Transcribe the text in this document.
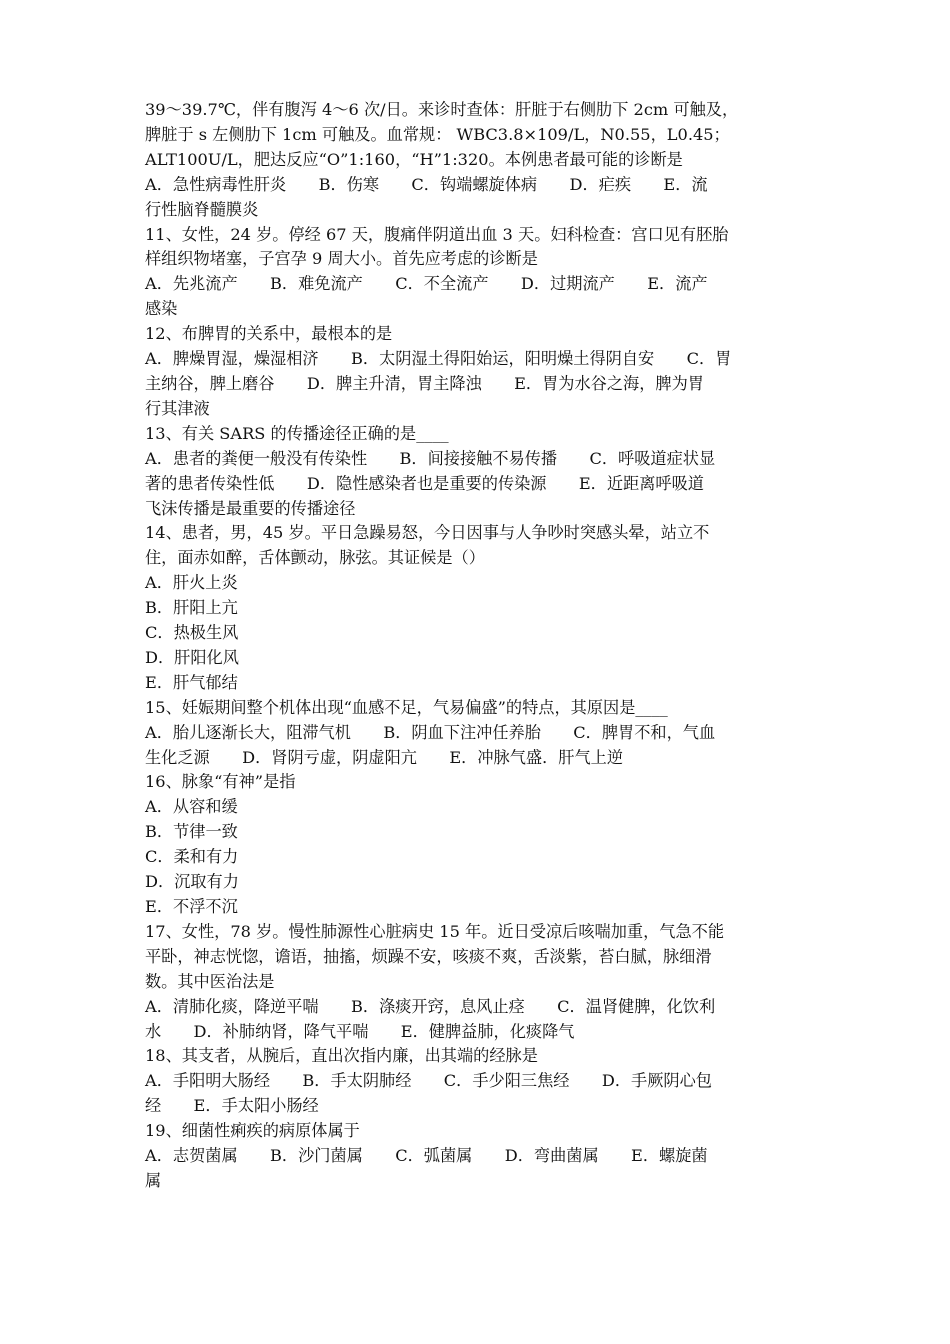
39～39.7℃，伴有腹泻 4～6 次/日。来诊时查体：肝脏于右侧肋下 2cm 可触及，
脾脏于 s 左侧肋下 1cm 可触及。血常规： WBC3.8×109/L，N0.55，L0.45；
ALT100U/L，肥达反应“O”1:160，“H”1:320。本例患者最可能的诊断是
A．急性病毒性肝炎　　B．伤寒　　C．钩端螺旋体病　　D．疟疾　　E．流
行性脑脊髓膜炎
11、女性，24 岁。停经 67 天，腹痛伴阴道出血 3 天。妇科检查：宫口见有胚胎
样组织物堵塞，子宫孕 9 周大小。首先应考虑的诊断是
A．先兆流产　　B．难免流产　　C．不全流产　　D．过期流产　　E．流产
感染
12、布脾胃的关系中，最根本的是
A．脾燥胃湿，燥湿相济　　B．太阴湿土得阳始运，阳明燥土得阴自安　　C．胃
主纳谷，脾上磨谷　　D．脾主升清，胃主降浊　　E．胃为水谷之海，脾为胃
行其津液
13、有关 SARS 的传播途径正确的是____
A．患者的粪便一般没有传染性　　B．间接接触不易传播　　C．呼吸道症状显
著的患者传染性低　　D．隐性感染者也是重要的传染源　　E．近距离呼吸道
飞沫传播是最重要的传播途径
14、患者，男，45 岁。平日急躁易怒，今日因事与人争吵时突感头晕，站立不
住，面赤如醉，舌体颤动，脉弦。其证候是（）
A．肝火上炎
B．肝阳上亢
C．热极生风
D．肝阳化风
E．肝气郁结
15、妊娠期间整个机体出现“血感不足，气易偏盛”的特点，其原因是____
A．胎儿逐渐长大，阻滞气机　　B．阴血下注冲任养胎　　C．脾胃不和，气血
生化乏源　　D．肾阴亏虚，阴虚阳亢　　E．冲脉气盛．肝气上逆
16、脉象“有神”是指
A．从容和缓
B．节律一致
C．柔和有力
D．沉取有力
E．不浮不沉
17、女性，78 岁。慢性肺源性心脏病史 15 年。近日受凉后咳喘加重，气急不能
平卧，神志恍惚，谵语，抽搐，烦躁不安，咳痰不爽，舌淡紫，苔白腻，脉细滑
数。其中医治法是
A．清肺化痰，降逆平喘　　B．涤痰开窍，息风止痉　　C．温肾健脾，化饮利
水　　D．补肺纳肾，降气平喘　　E．健脾益肺，化痰降气
18、其支者，从腕后，直出次指内廉，出其端的经脉是
A．手阳明大肠经　　B．手太阴肺经　　C．手少阳三焦经　　D．手厥阴心包
经　　E．手太阳小肠经
19、细菌性痢疾的病原体属于
A．志贺菌属　　B．沙门菌属　　C．弧菌属　　D．弯曲菌属　　E．螺旋菌
属
